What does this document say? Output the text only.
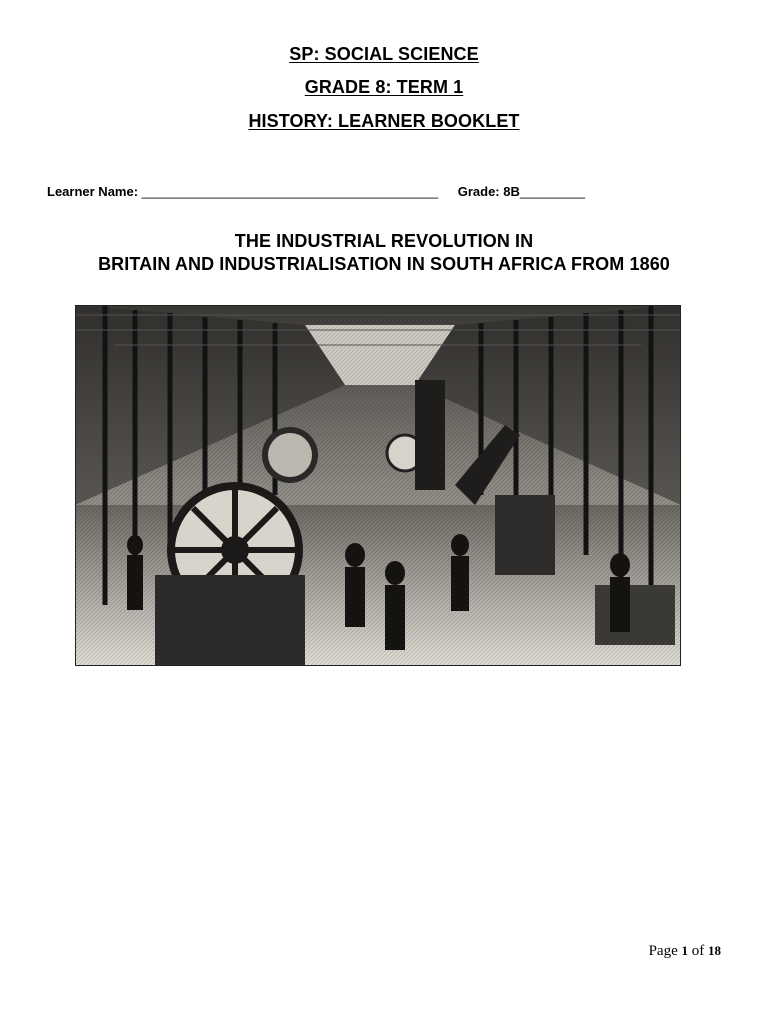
SP: SOCIAL SCIENCE
GRADE 8: TERM 1
HISTORY: LEARNER BOOKLET
Learner Name: _________________________________________ Grade: 8B_________
THE INDUSTRIAL REVOLUTION IN
BRITAIN AND INDUSTRIALISATION IN SOUTH AFRICA FROM 1860
Page 1 of 18
